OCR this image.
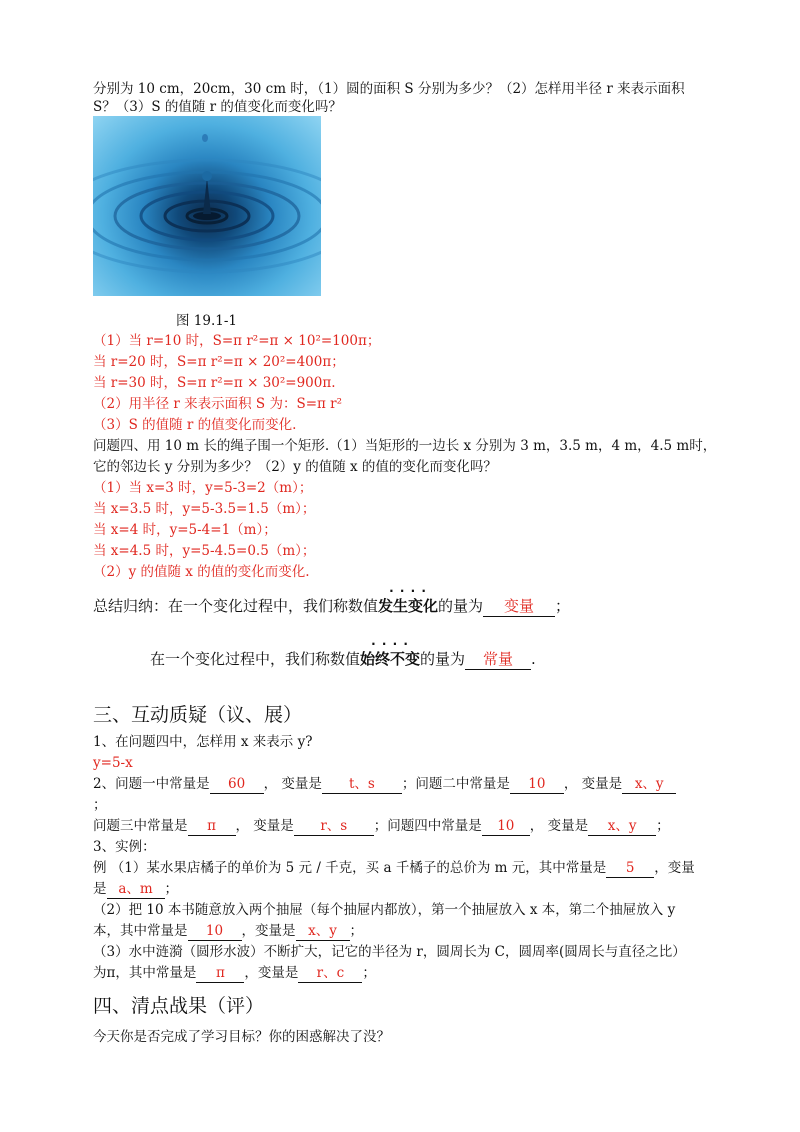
分别为 10 cm，20cm，30 cm 时，（1）圆的面积 S 分别为多少？（2）怎样用半径 r 来表示面积
S？（3）S 的值随 r 的值变化而变化吗？
图 19.1-1
（1）当 r=10 时，S=π r²=π × 10²=100π；
当 r=20 时，S=π r²=π × 20²=400π；
当 r=30 时，S=π r²=π × 30²=900π.
（2）用半径 r 来表示面积 S 为：S=π r²
（3）S 的值随 r 的值变化而变化.
问题四、用 10 m 长的绳子围一个矩形.（1）当矩形的一边长 x 分别为 3 m，3.5 m，4 m，4.5 m时，
它的邻边长 y 分别为多少？（2）y 的值随 x 的值的变化而变化吗？
（1）当 x=3 时，y=5-3=2（m）；
当 x=3.5 时，y=5-3.5=1.5（m）；
当 x=4 时，y=5-4=1（m）；
当 x=4.5 时，y=5-4.5=0.5（m）；
（2）y 的值随 x 的值的变化而变化.
总结归纳：在一个变化过程中，我们称数值· · · · 发生变化的量为 变量 ；
在一个变化过程中，我们称数值· · · · 始终不变的量为 常量 .
三、互动质疑（议、展）
1、在问题四中，怎样用 x 来表示 y?
y=5-x
2、问题一中常量是 60 ， 变量是 t、s ；问题二中常量是 10 ， 变量是 x、y
；
问题三中常量是 π ， 变量是 r、s ；问题四中常量是 10 ， 变量是 x、y ；
3、实例：
例 （1）某水果店橘子的单价为 5 元 / 千克，买 a 千橘子的总价为 m 元，其中常量是 5 ，变量
是 a、m ；
（2）把 10 本书随意放入两个抽屉（每个抽屉内都放），第一个抽屉放入 x 本，第二个抽屉放入 y
本，其中常量是 10 ，变量是 x、y ；
（3）水中涟漪（圆形水波）不断扩大，记它的半径为 r，圆周长为 C，圆周率(圆周长与直径之比）
为π，其中常量是 π ，变量是 r、c ；
四、清点战果（评）
今天你是否完成了学习目标？你的困惑解决了没？
